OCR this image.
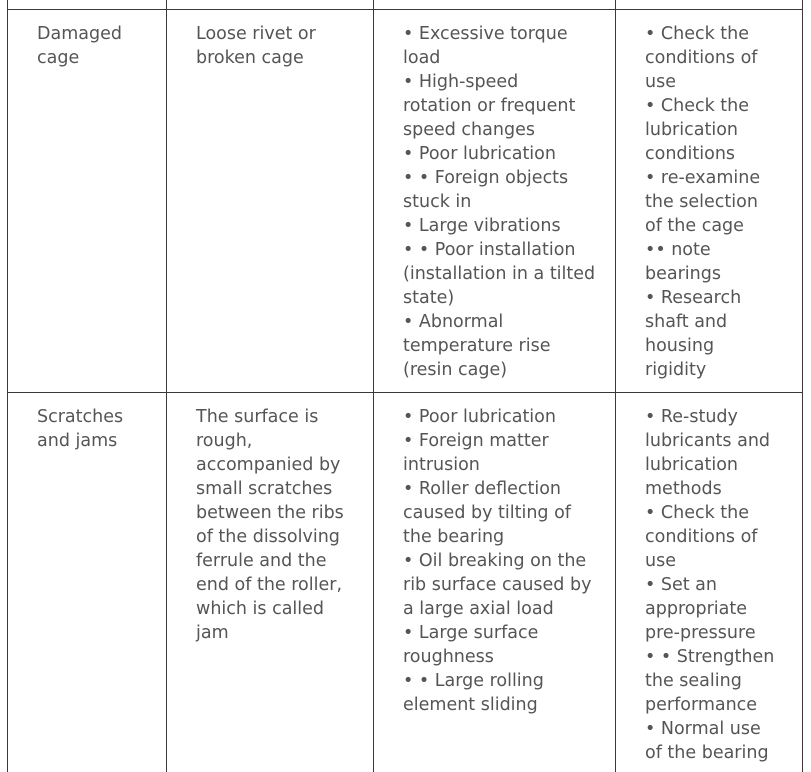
Damaged
cage
Loose rivet or
broken cage
• Excessive torque
load
• High-speed
rotation or frequent
speed changes
• Poor lubrication
• • Foreign objects
stuck in
• Large vibrations
• • Poor installation
(installation in a tilted
state)
• Abnormal
temperature rise
(resin cage)
• Check the
conditions of
use
• Check the
lubrication
conditions
• re-examine
the selection
of the cage
•• note
bearings
• Research
shaft and
housing
rigidity
Scratches
and jams
The surface is
rough,
accompanied by
small scratches
between the ribs
of the dissolving
ferrule and the
end of the roller,
which is called
jam
• Poor lubrication
• Foreign matter
intrusion
• Roller deflection
caused by tilting of
the bearing
• Oil breaking on the
rib surface caused by
a large axial load
• Large surface
roughness
• • Large rolling
element sliding
• Re-study
lubricants and
lubrication
methods
• Check the
conditions of
use
• Set an
appropriate
pre-pressure
• • Strengthen
the sealing
performance
• Normal use
of the bearing
